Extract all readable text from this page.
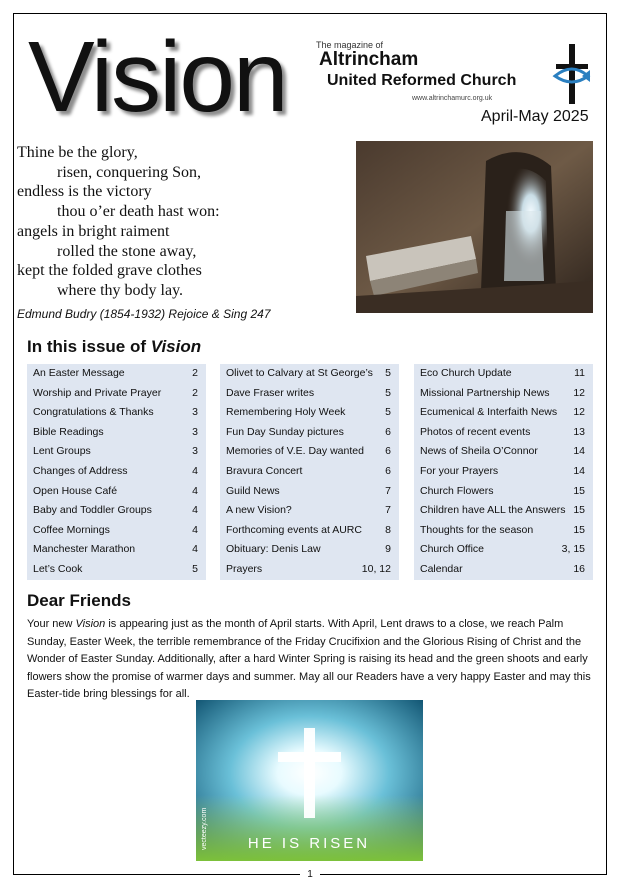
Vision	The magazine of
Altrincham
United Reformed Church
www.altrinchamurc.org.uk
April-May 2025
Thine be the glory,
risen, conquering Son,
endless is the victory
thou o’er death hast won:
angels in bright raiment
rolled the stone away,
kept the folded grave clothes
where thy body lay.
Edmund Budry (1854-1932) Rejoice & Sing 247
In this issue of Vision
An Easter Message	2
Worship and Private Prayer	2
Congratulations & Thanks	3
Bible Readings	3
Lent Groups	3
Changes of Address	4
Open House Café	4
Baby and Toddler Groups	4
Coffee Mornings	4
Manchester Marathon	4
Let’s Cook	5
Olivet to Calvary at St George’s 5
Dave Fraser writes	5
Remembering Holy Week	5
Fun Day Sunday pictures	6
Memories of V.E. Day wanted 6
Bravura Concert	6
Guild News	7
A new Vision?	7
Forthcoming events at AURC 8
Obituary: Denis Law	9
Prayers	10, 12
Eco Church Update	11
Missional Partnership News 12
Ecumenical & Interfaith News 12
Photos of recent events	13
News of Sheila O’Connor	14
For your Prayers	14
Church Flowers	15
Children have ALL the Answers 15
Thoughts for the season	15
Church Office	3, 15
Calendar	16
Dear Friends
Your new Vision is appearing just as the month of April starts. With April, Lent draws to a close, we reach Palm Sunday, Easter Week, the terrible remembrance of the Friday Crucifixion and the Glorious Rising of Christ and the Wonder of Easter Sunday. Additionally, after a hard Winter Spring is raising its head and the green shoots and early flowers show the promise of warmer days and summer. May all our Readers have a very happy Easter and may this Easter-tide bring blessings for all.
HE IS RISEN
vecteezy.com
1
